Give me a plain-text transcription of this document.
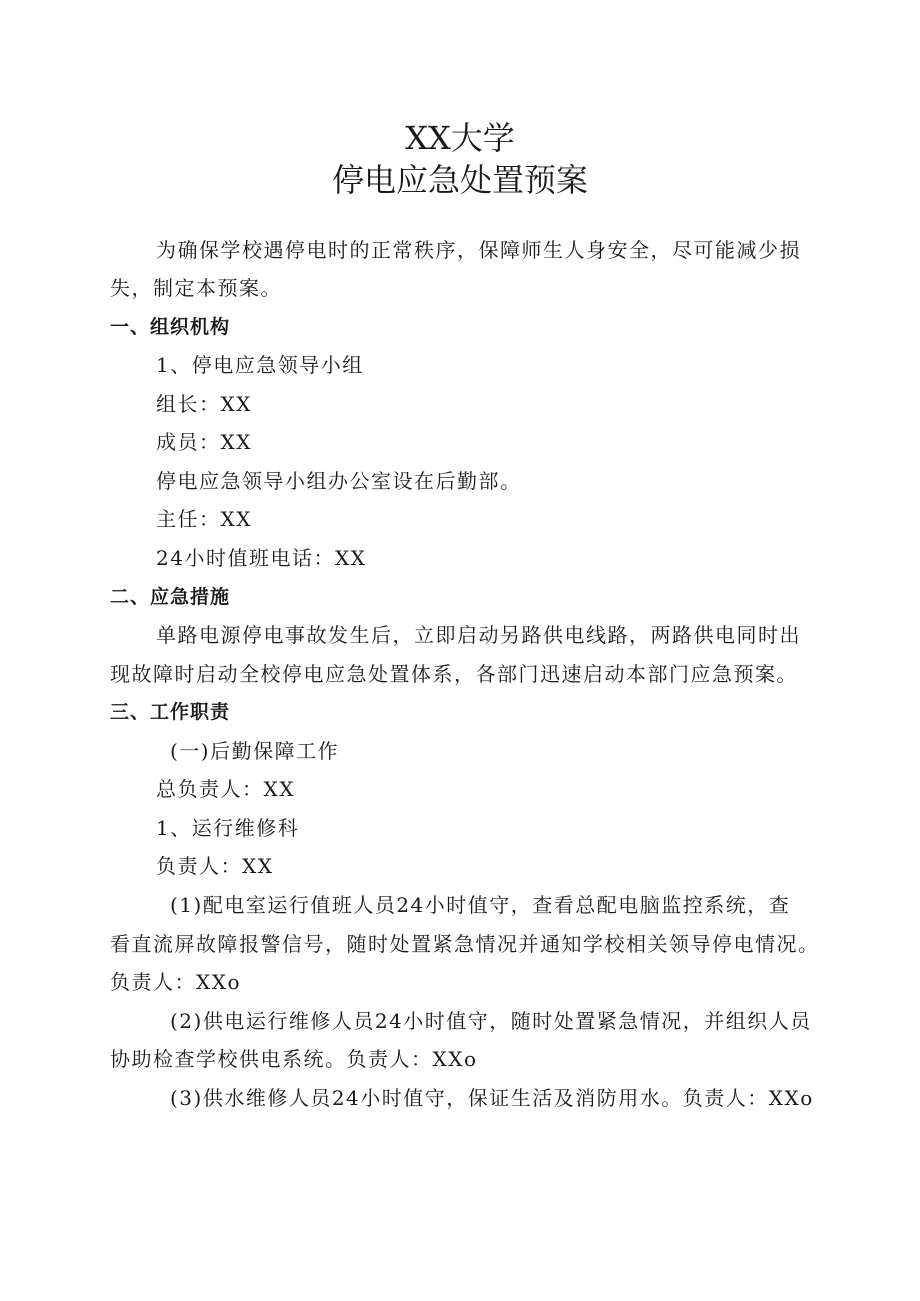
XX大学
停电应急处置预案

为确保学校遇停电时的正常秩序，保障师生人身安全，尽可能减少损

失，制定本预案。

一、组织机构

1、停电应急领导小组

组长：XX

成员：XX

停电应急领导小组办公室设在后勤部。

主任：XX

24小时值班电话：XX

二、应急措施

单路电源停电事故发生后，立即启动另路供电线路，两路供电同时出

现故障时启动全校停电应急处置体系，各部门迅速启动本部门应急预案。

三、工作职责

(一)后勤保障工作

总负责人：XX

1、运行维修科

负责人：XX

(1)配电室运行值班人员24小时值守，查看总配电脑监控系统，查

看直流屏故障报警信号，随时处置紧急情况并通知学校相关领导停电情况。

负责人：XXo

(2)供电运行维修人员24小时值守，随时处置紧急情况，并组织人员

协助检查学校供电系统。负责人：XXo

(3)供水维修人员24小时值守，保证生活及消防用水。负责人：XXo
